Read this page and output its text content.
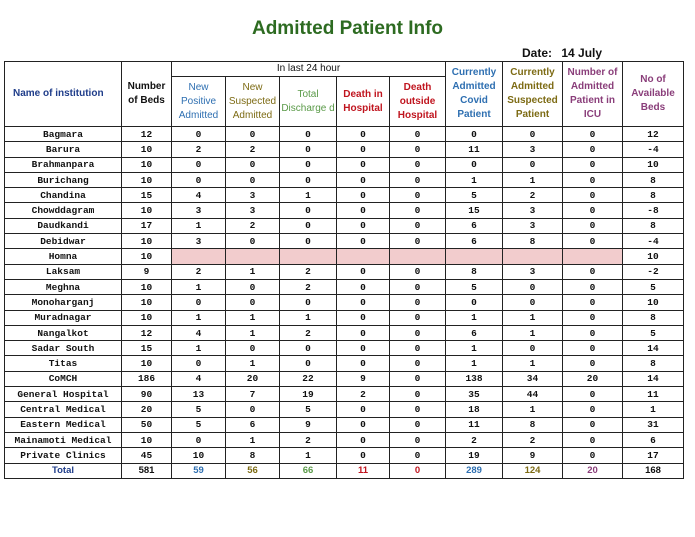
Admitted Patient Info
Date: 14 July
Name of institution	Number of Beds	In last 24 hour					Currently Admitted Covid Patient	Currently Admitted Suspected Patient	Number of Admitted Patient in ICU	No of Available Beds
		New Positive Admitted	New Suspected Admitted	Total Discharge d	Death in Hospital	Death outside Hospital				
Bagmara	12	0	0	0	0	0	0	0	0	12
Barura	10	2	2	0	0	0	11	3	0	-4
Brahmanpara	10	0	0	0	0	0	0	0	0	10
Burichang	10	0	0	0	0	0	1	1	0	8
Chandina	15	4	3	1	0	0	5	2	0	8
Chowddagram	10	3	3	0	0	0	15	3	0	-8
Daudkandi	17	1	2	0	0	0	6	3	0	8
Debidwar	10	3	0	0	0	0	6	8	0	-4
Homna	10									10
Laksam	9	2	1	2	0	0	8	3	0	-2
Meghna	10	1	0	2	0	0	5	0	0	5
Monoharganj	10	0	0	0	0	0	0	0	0	10
Muradnagar	10	1	1	1	0	0	1	1	0	8
Nangalkot	12	4	1	2	0	0	6	1	0	5
Sadar South	15	1	0	0	0	0	1	0	0	14
Titas	10	0	1	0	0	0	1	1	0	8
CoMCH	186	4	20	22	9	0	138	34	20	14
General Hospital	90	13	7	19	2	0	35	44	0	11
Central Medical	20	5	0	5	0	0	18	1	0	1
Eastern Medical	50	5	6	9	0	0	11	8	0	31
Mainamoti Medical	10	0	1	2	0	0	2	2	0	6
Private Clinics	45	10	8	1	0	0	19	9	0	17
Total	581	59	56	66	11	0	289	124	20	168
